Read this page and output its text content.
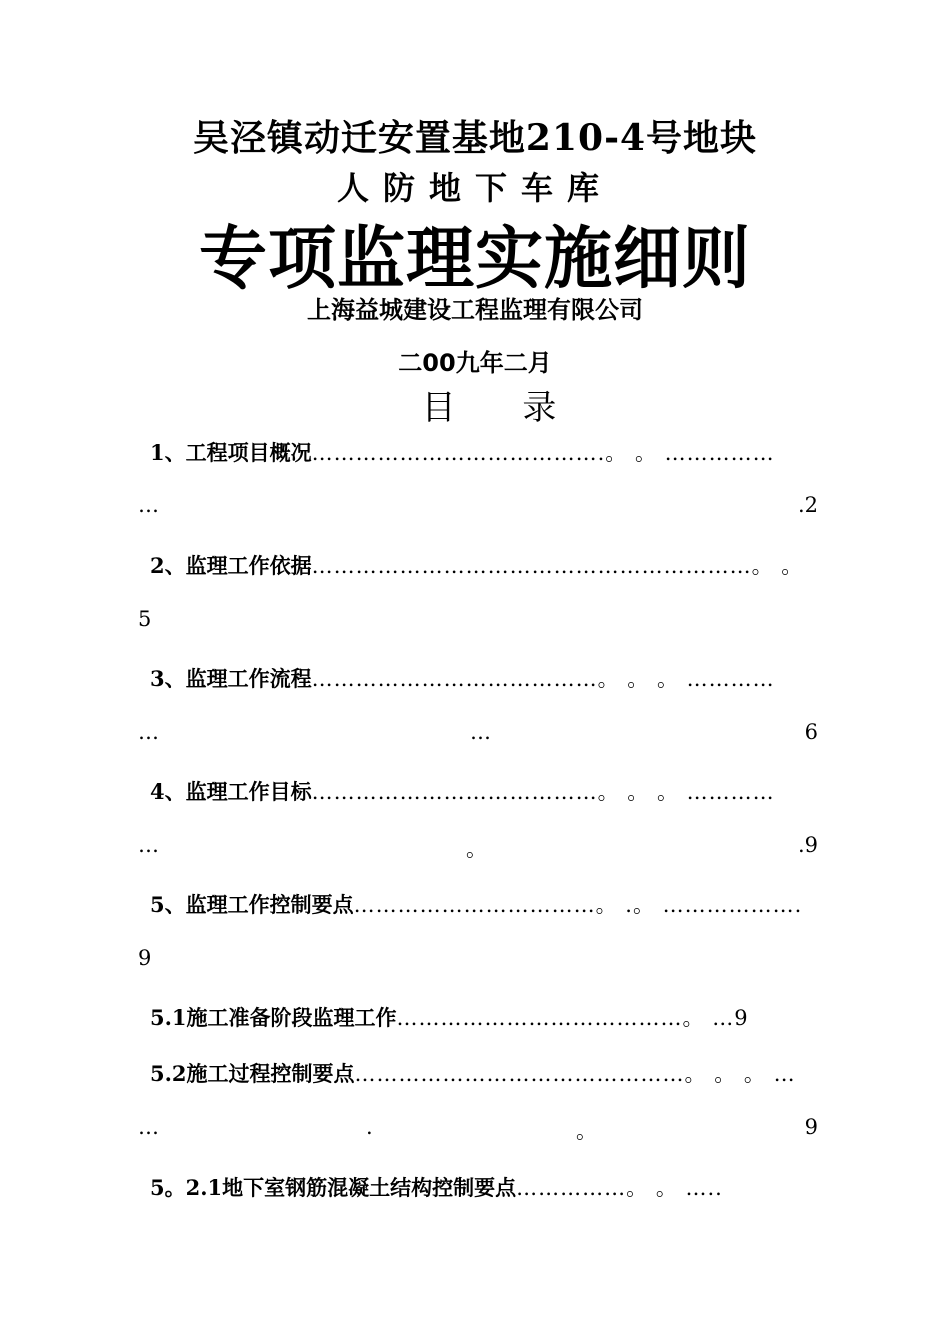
吴泾镇动迁安置基地210-4号地块
人防地下车库
专项监理实施细则
上海益城建设工程监理有限公司
二00九年二月
目 录
1、工程项目概况………………………………….。 。 ……………
…	.2
2、监理工作依据……………………………………………………。 。
5
3、监理工作流程…………………………………。 。 。 …………
…	…	6
4、监理工作目标…………………………………。 。 。 …………
…	。	.9
5、监理工作控制要点……………………………。 .。 ……………….
9
5.1施工准备阶段监理工作…………………………………。 …9
5.2施工过程控制要点………………………………………。 。 。 …
…	.	。	9
5。2.1地下室钢筋混凝土结构控制要点……………。 。 …..
